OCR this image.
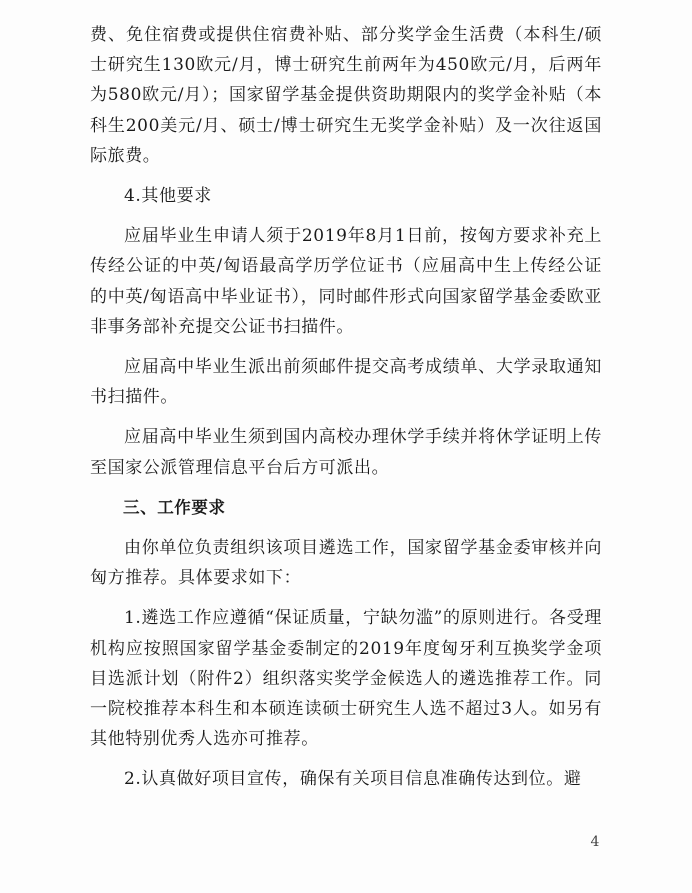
费、免住宿费或提供住宿费补贴、部分奖学金生活费（本科生/硕士研究生130欧元/月，博士研究生前两年为450欧元/月，后两年为580欧元/月）；国家留学基金提供资助期限内的奖学金补贴（本科生200美元/月、硕士/博士研究生无奖学金补贴）及一次往返国际旅费。

4.其他要求

应届毕业生申请人须于2019年8月1日前，按匈方要求补充上传经公证的中英/匈语最高学历学位证书（应届高中生上传经公证的中英/匈语高中毕业证书），同时邮件形式向国家留学基金委欧亚非事务部补充提交公证书扫描件。

应届高中毕业生派出前须邮件提交高考成绩单、大学录取通知书扫描件。

应届高中毕业生须到国内高校办理休学手续并将休学证明上传至国家公派管理信息平台后方可派出。

三、工作要求

由你单位负责组织该项目遴选工作，国家留学基金委审核并向匈方推荐。具体要求如下：

1.遴选工作应遵循“保证质量，宁缺勿滥”的原则进行。各受理机构应按照国家留学基金委制定的2019年度匈牙利互换奖学金项目选派计划（附件2）组织落实奖学金候选人的遴选推荐工作。同一院校推荐本科生和本硕连读硕士研究生人选不超过3人。如另有其他特别优秀人选亦可推荐。

2.认真做好项目宣传，确保有关项目信息准确传达到位。避

4
